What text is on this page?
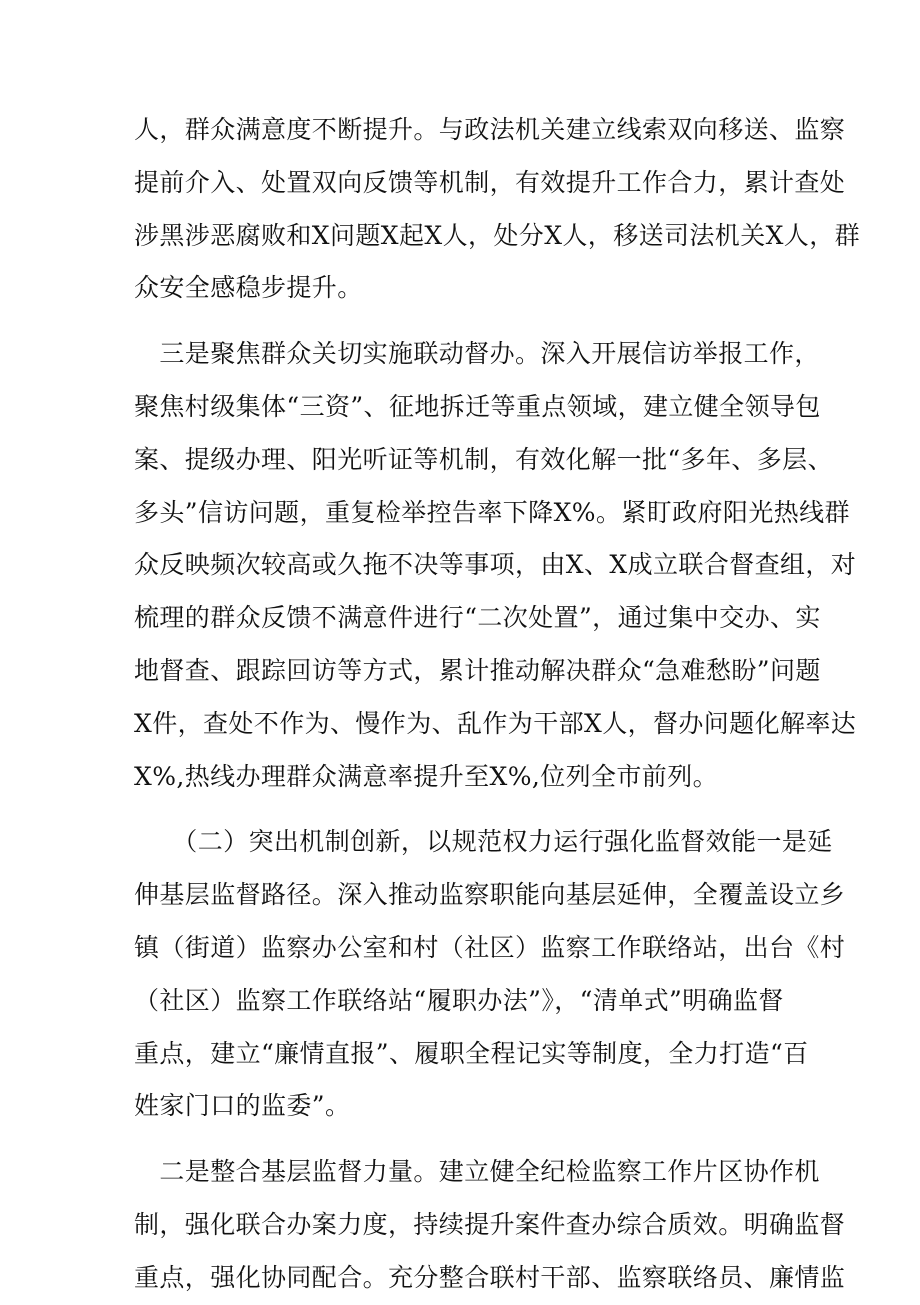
人，群众满意度不断提升。与政法机关建立线索双向移送、监察
提前介入、处置双向反馈等机制，有效提升工作合力，累计查处
涉黑涉恶腐败和X问题X起X人，处分X人，移送司法机关X人，群
众安全感稳步提升。
　三是聚焦群众关切实施联动督办。深入开展信访举报工作，
聚焦村级集体“三资”、征地拆迁等重点领域，建立健全领导包
案、提级办理、阳光听证等机制，有效化解一批“多年、多层、
多头”信访问题，重复检举控告率下降X%。紧盯政府阳光热线群
众反映频次较高或久拖不决等事项，由X、X成立联合督查组，对
梳理的群众反馈不满意件进行“二次处置”，通过集中交办、实
地督查、跟踪回访等方式，累计推动解决群众“急难愁盼”问题
X件，查处不作为、慢作为、乱作为干部X人，督办问题化解率达
X%,热线办理群众满意率提升至X%,位列全市前列。
　　（二）突出机制创新，以规范权力运行强化监督效能一是延
伸基层监督路径。深入推动监察职能向基层延伸，全覆盖设立乡
镇（街道）监察办公室和村（社区）监察工作联络站，出台《村
（社区）监察工作联络站“履职办法”》，“清单式”明确监督
重点，建立“廉情直报”、履职全程记实等制度，全力打造“百
姓家门口的监委”。
　二是整合基层监督力量。建立健全纪检监察工作片区协作机
制，强化联合办案力度，持续提升案件查办综合质效。明确监督
重点，强化协同配合。充分整合联村干部、监察联络员、廉情监
